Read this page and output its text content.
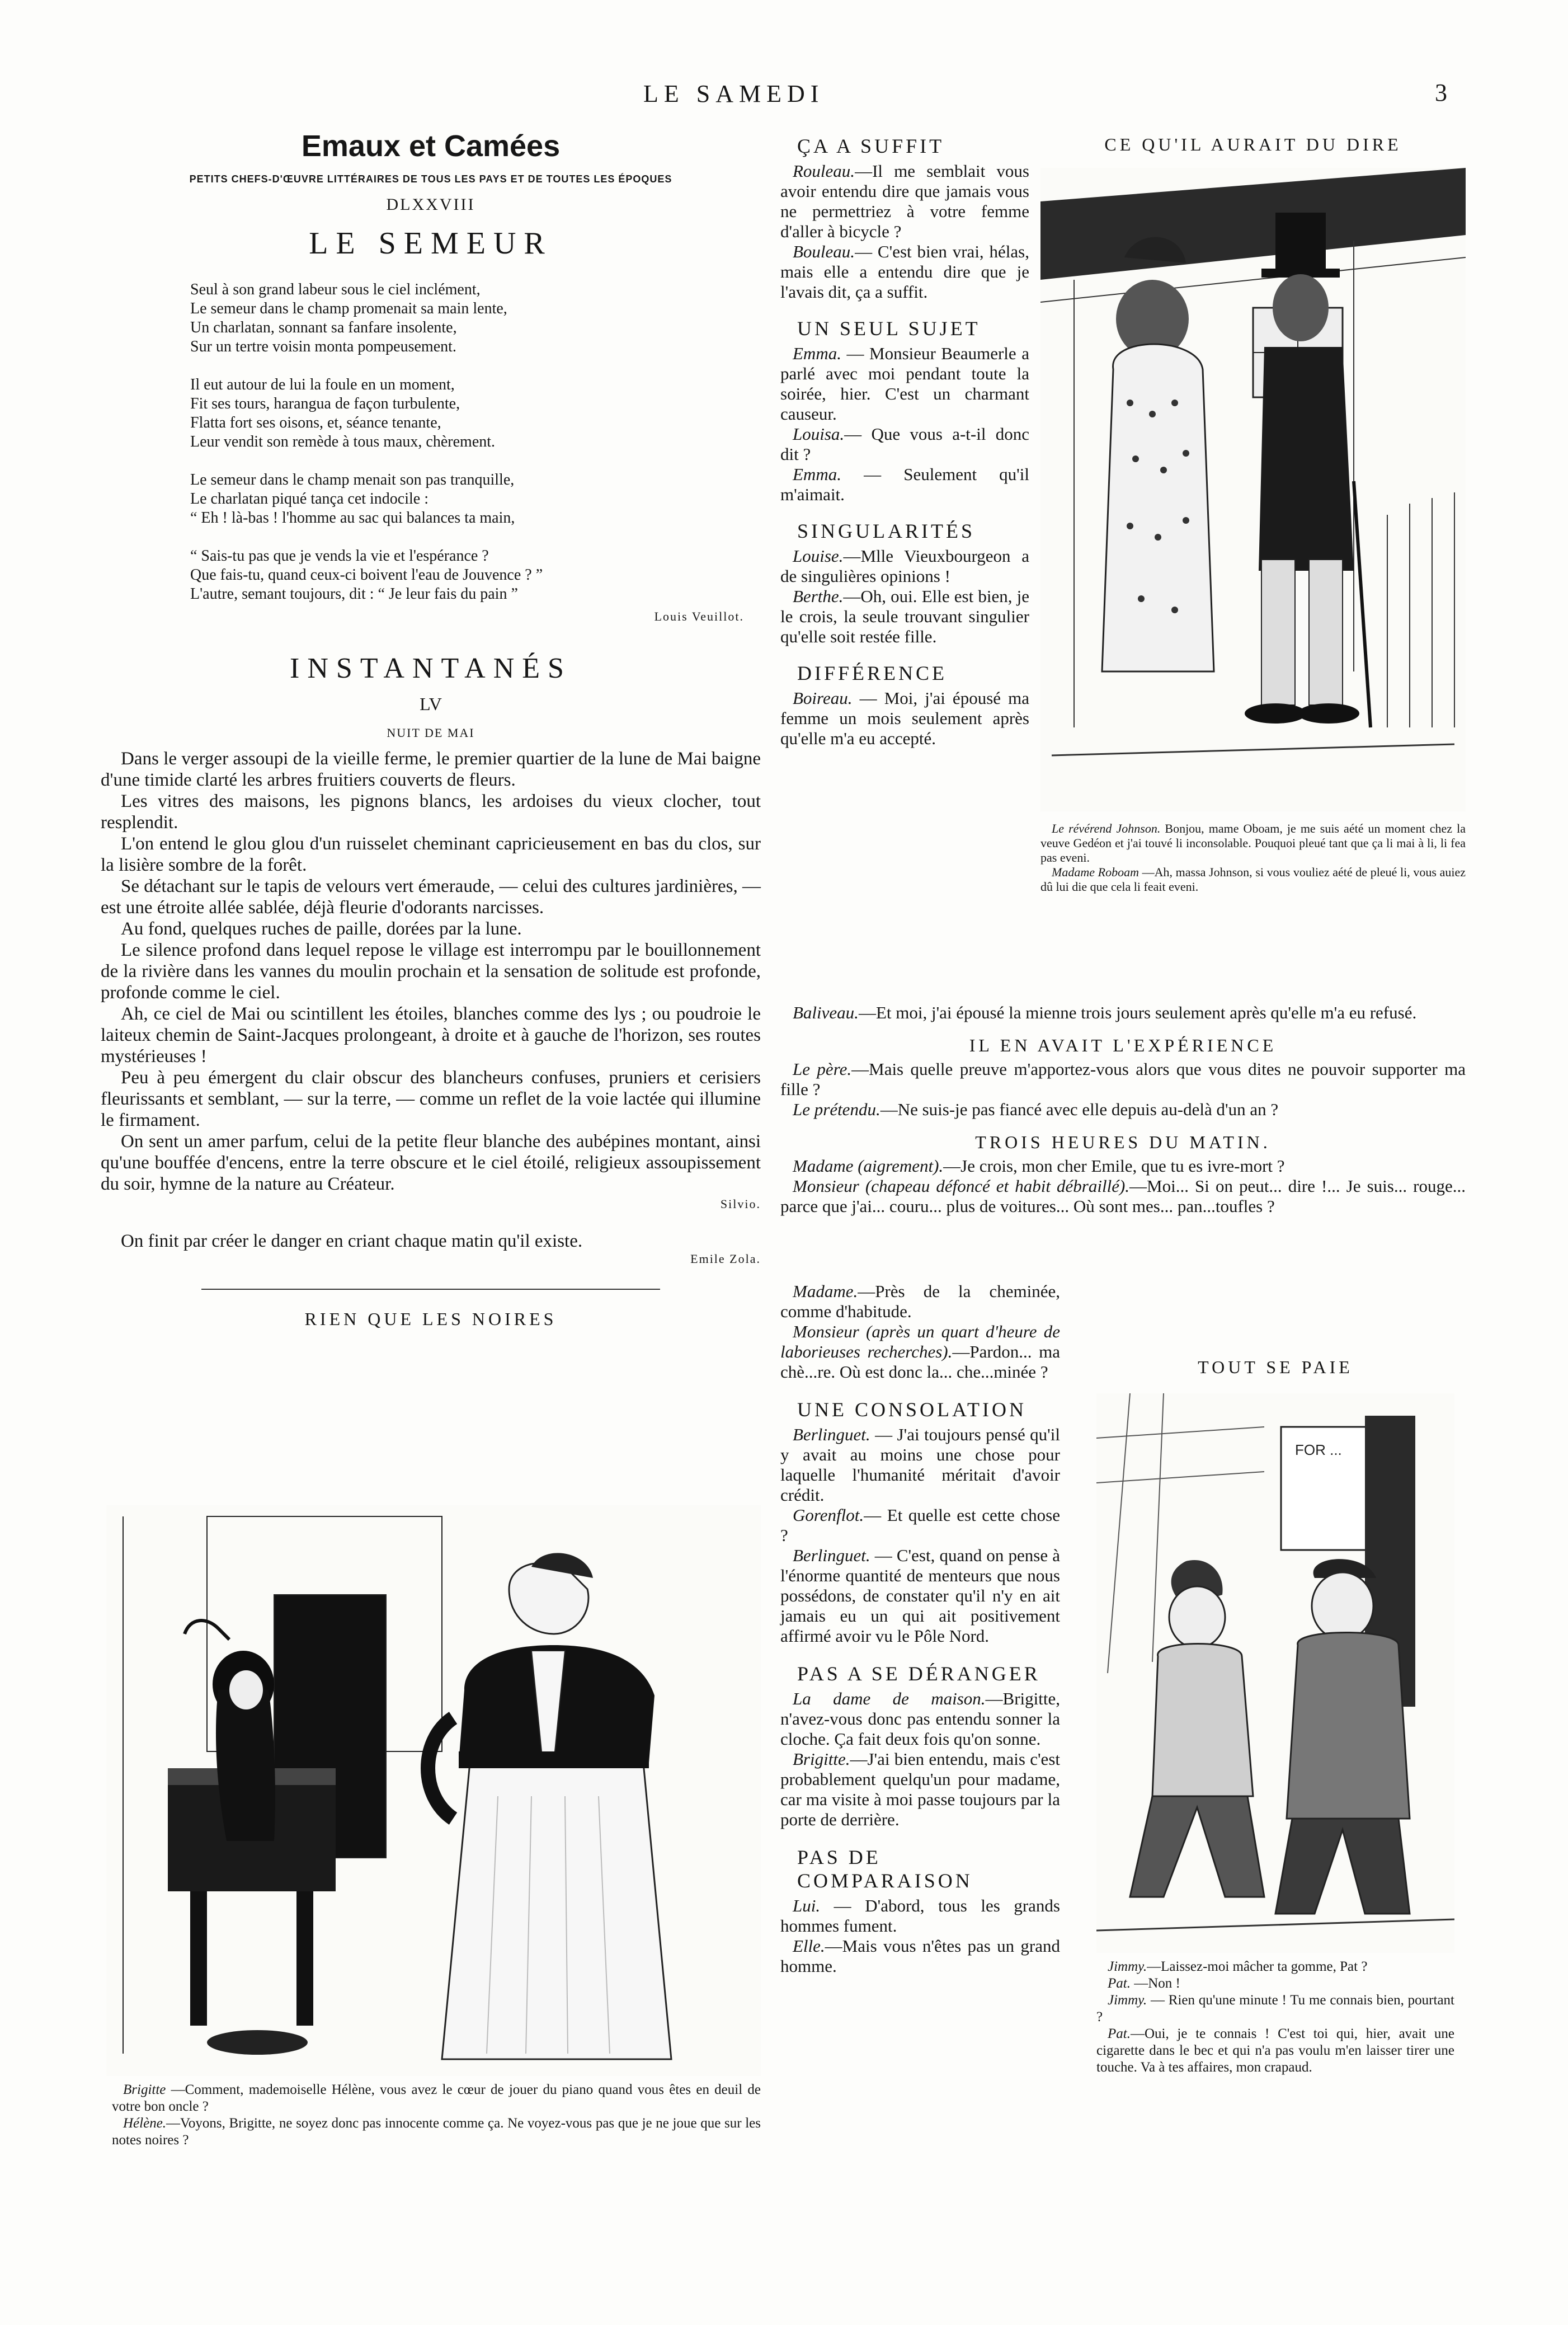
LE SAMEDI	3
Emaux et Camées
PETITS CHEFS-D'ŒUVRE LITTÉRAIRES DE TOUS LES PAYS ET DE TOUTES LES ÉPOQUES
DLXXVIII
LE SEMEUR
Seul à son grand labeur sous le ciel inclément,
Le semeur dans le champ promenait sa main lente,
Un charlatan, sonnant sa fanfare insolente,
Sur un tertre voisin monta pompeusement.
Il eut autour de lui la foule en un moment,
Fit ses tours, harangua de façon turbulente,
Flatta fort ses oisons, et, séance tenante,
Leur vendit son remède à tous maux, chèrement.
Le semeur dans le champ menait son pas tranquille,
Le charlatan piqué tança cet indocile :
“ Eh ! là-bas ! l'homme au sac qui balances ta main,
“ Sais-tu pas que je vends la vie et l'espérance ?
Que fais-tu, quand ceux-ci boivent l'eau de Jouvence ? ”
L'autre, semant toujours, dit : “ Je leur fais du pain ”
Louis Veuillot.
INSTANTANÉS
LV
NUIT DE MAI

Dans le verger assoupi de la vieille ferme, le premier quartier de la lune de Mai baigne d'une timide clarté les arbres fruitiers couverts de fleurs.

Les vitres des maisons, les pignons blancs, les ardoises du vieux clocher, tout resplendit.

L'on entend le glou glou d'un ruisselet cheminant capricieusement en bas du clos, sur la lisière sombre de la forêt.

Se détachant sur le tapis de velours vert émeraude, — celui des cultures jardinières, — est une étroite allée sablée, déjà fleurie d'odorants narcisses.

Au fond, quelques ruches de paille, dorées par la lune.

Le silence profond dans lequel repose le village est interrompu par le bouillonnement de la rivière dans les vannes du moulin prochain et la sensation de solitude est profonde, profonde comme le ciel.

Ah, ce ciel de Mai ou scintillent les étoiles, blanches comme des lys ; ou poudroie le laiteux chemin de Saint-Jacques prolongeant, à droite et à gauche de l'horizon, ses routes mystérieuses !

Peu à peu émergent du clair obscur des blancheurs confuses, pruniers et cerisiers fleurissants et semblant, — sur la terre, — comme un reflet de la voie lactée qui illumine le firmament.

On sent un amer parfum, celui de la petite fleur blanche des aubépines montant, ainsi qu'une bouffée d'encens, entre la terre obscure et le ciel étoilé, religieux assoupissement du soir, hymne de la nature au Créateur.

Silvio.

On finit par créer le danger en criant chaque matin qu'il existe.

Emile Zola.
RIEN QUE LES NOIRES

Brigitte —Comment, mademoiselle Hélène, vous avez le cœur de jouer du piano quand vous êtes en deuil de votre bon oncle ?

Hélène.—Voyons, Brigitte, ne soyez donc pas innocente comme ça. Ne voyez-vous pas que je ne joue que sur les notes noires ?

ÇA A SUFFIT

Rouleau.—Il me semblait vous avoir entendu dire que jamais vous ne permettriez à votre femme d'aller à bicycle ?

Bouleau.— C'est bien vrai, hélas, mais elle a entendu dire que je l'avais dit, ça a suffit.

UN SEUL SUJET

Emma. — Monsieur Beaumerle a parlé avec moi pendant toute la soirée, hier. C'est un charmant causeur.

Louisa.— Que vous a-t-il donc dit ?

Emma. — Seulement qu'il m'aimait.

SINGULARITÉS

Louise.—Mlle Vieuxbourgeon a de singulières opinions !

Berthe.—Oh, oui. Elle est bien, je le crois, la seule trouvant singulier qu'elle soit restée fille.

DIFFÉRENCE

Boireau. — Moi, j'ai épousé ma femme un mois seulement après qu'elle m'a eu accepté.

CE QU'IL AURAIT DU DIRE

Le révérend Johnson. Bonjou, mame Oboam, je me suis aété un moment chez la veuve Gedéon et j'ai touvé li inconsolable. Pouquoi pleué tant que ça li mai à li, li fea pas eveni.

Madame Roboam —Ah, massa Johnson, si vous vouliez aété de pleué li, vous auiez dû lui die que cela li feait eveni.

Baliveau.—Et moi, j'ai épousé la mienne trois jours seulement après qu'elle m'a eu refusé.

IL EN AVAIT L'EXPÉRIENCE

Le père.—Mais quelle preuve m'apportez-vous alors que vous dites ne pouvoir supporter ma fille ?

Le prétendu.—Ne suis-je pas fiancé avec elle depuis au-delà d'un an ?

TROIS HEURES DU MATIN.

Madame (aigrement).—Je crois, mon cher Emile, que tu es ivre-mort ?

Monsieur (chapeau défoncé et habit débraillé).—Moi... Si on peut... dire !... Je suis... rouge... parce que j'ai... couru... plus de voitures... Où sont mes... pan...toufles ?

Madame.—Près de la cheminée, comme d'habitude.

Monsieur (après un quart d'heure de laborieuses recherches).—Pardon... ma chè...re. Où est donc la... che...minée ?

UNE CONSOLATION

Berlinguet. — J'ai toujours pensé qu'il y avait au moins une chose pour laquelle l'humanité méritait d'avoir crédit.

Gorenflot.— Et quelle est cette chose ?

Berlinguet. — C'est, quand on pense à l'énorme quantité de menteurs que nous possédons, de constater qu'il n'y en ait jamais eu un qui ait positivement affirmé avoir vu le Pôle Nord.

PAS A SE DÉRANGER

La dame de maison.—Brigitte, n'avez-vous donc pas entendu sonner la cloche. Ça fait deux fois qu'on sonne.

Brigitte.—J'ai bien entendu, mais c'est probablement quelqu'un pour madame, car ma visite à moi passe toujours par la porte de derrière.

PAS DE COMPARAISON

Lui. — D'abord, tous les grands hommes fument.

Elle.—Mais vous n'êtes pas un grand homme.

TOUT SE PAIE
FOR ...

Jimmy.—Laissez-moi mâcher ta gomme, Pat ?

Pat. —Non !

Jimmy. — Rien qu'une minute ! Tu me connais bien, pourtant ?

Pat.—Oui, je te connais ! C'est toi qui, hier, avait une cigarette dans le bec et qui n'a pas voulu m'en laisser tirer une touche. Va à tes affaires, mon crapaud.
